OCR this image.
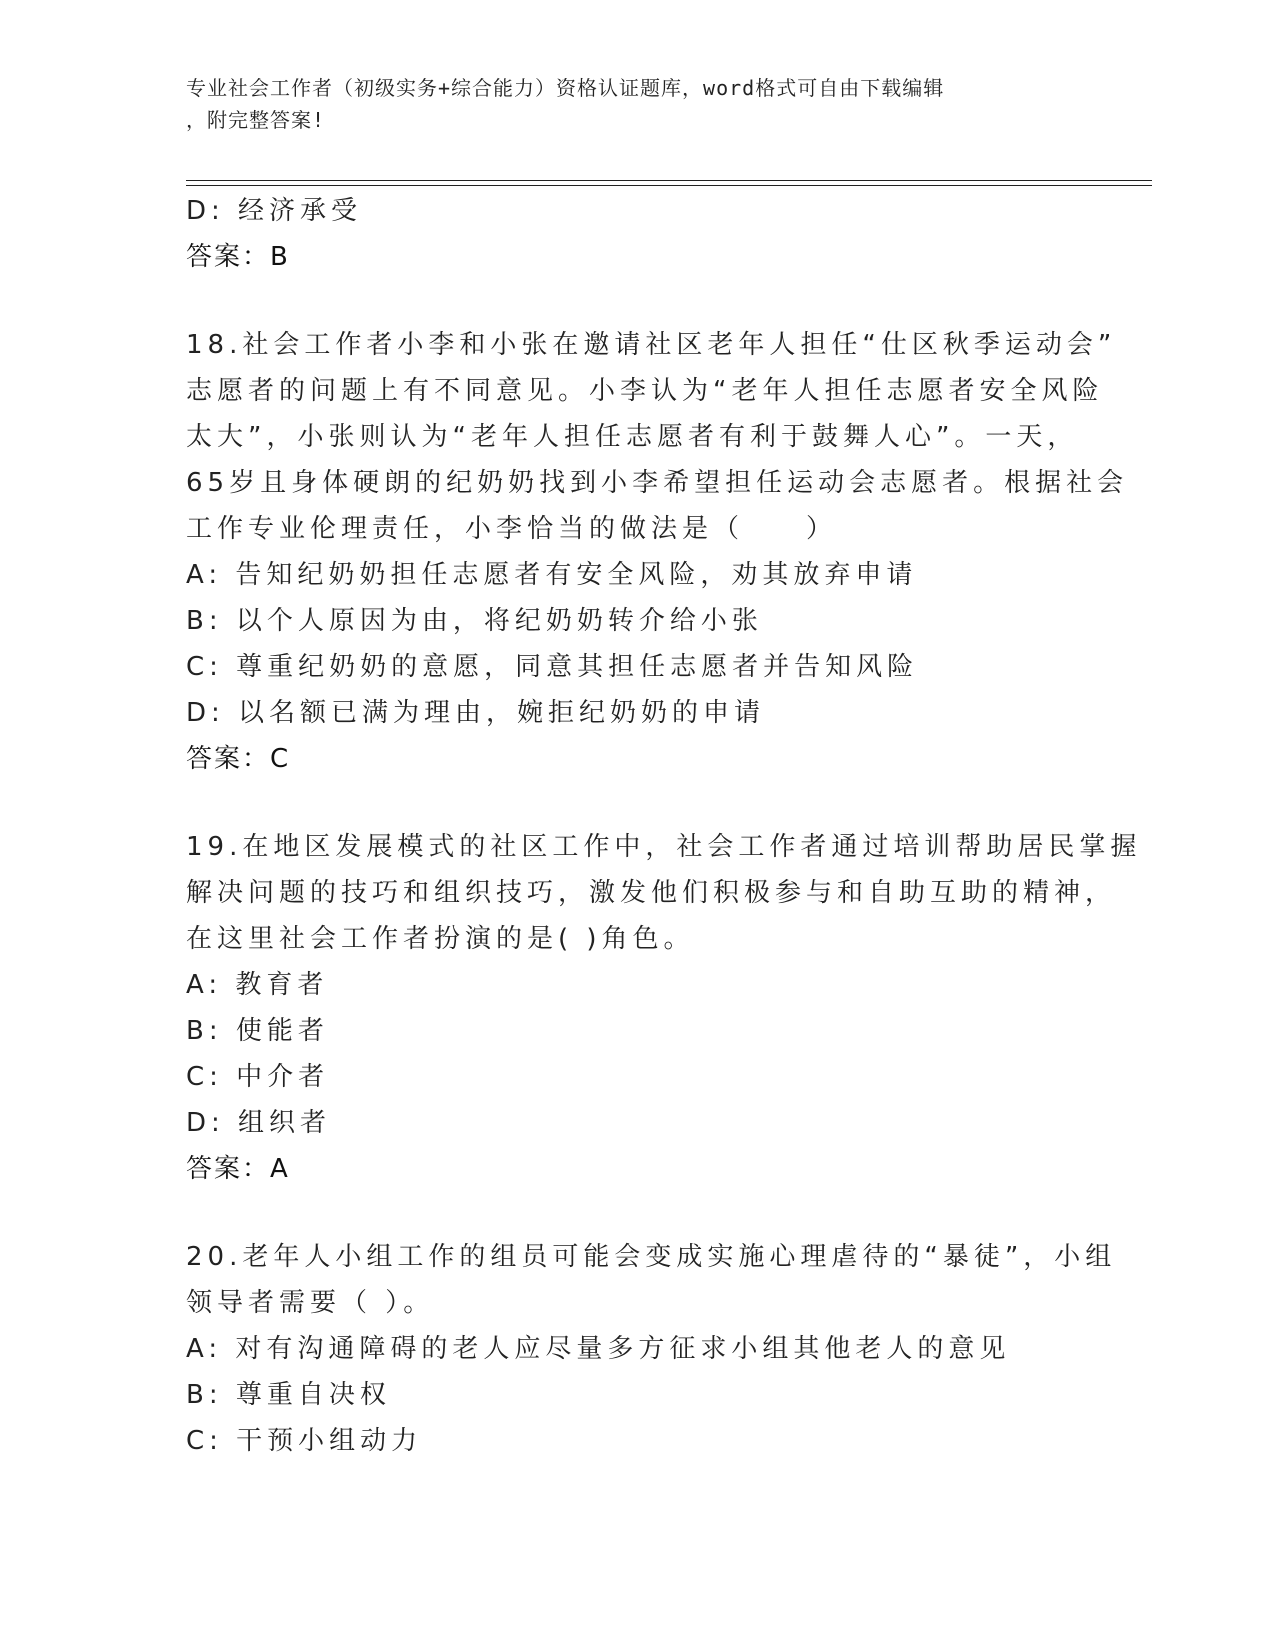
专业社会工作者（初级实务+综合能力）资格认证题库，word格式可自由下载编辑
，附完整答案!
D: 经济承受
答案：B
18.社会工作者小李和小张在邀请社区老年人担任“仕区秋季运动会”
志愿者的问题上有不同意见。小李认为“老年人担任志愿者安全风险
太大”，小张则认为“老年人担任志愿者有利于鼓舞人心”。一天，
65岁且身体硬朗的纪奶奶找到小李希望担任运动会志愿者。根据社会
工作专业伦理责任，小李恰当的做法是（　　）
A: 告知纪奶奶担任志愿者有安全风险，劝其放弃申请
B: 以个人原因为由，将纪奶奶转介给小张
C: 尊重纪奶奶的意愿，同意其担任志愿者并告知风险
D: 以名额已满为理由，婉拒纪奶奶的申请
答案：C
19.在地区发展模式的社区工作中，社会工作者通过培训帮助居民掌握
解决问题的技巧和组织技巧，激发他们积极参与和自助互助的精神，
在这里社会工作者扮演的是( )角色。
A: 教育者
B: 使能者
C: 中介者
D: 组织者
答案：A
20.老年人小组工作的组员可能会变成实施心理虐待的“暴徒”，小组
领导者需要（ ）。
A: 对有沟通障碍的老人应尽量多方征求小组其他老人的意见
B: 尊重自决权
C: 干预小组动力
